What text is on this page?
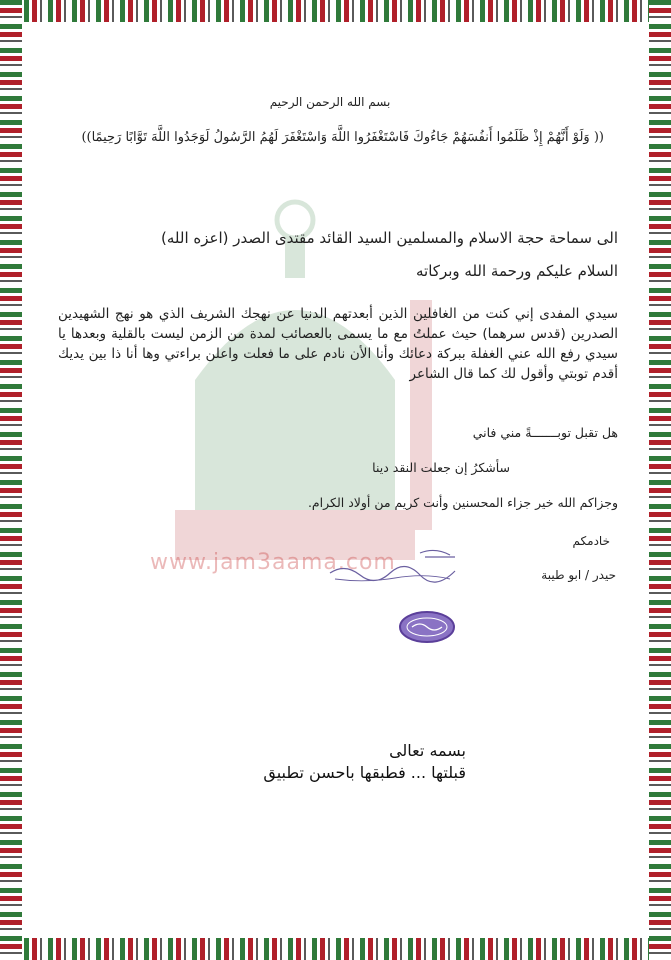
www.jam3aama.com
بسم الله الرحمن الرحيم
(( وَلَوْ أَنَّهُمْ إِذْ ظَلَمُوا أَنفُسَهُمْ جَاءُوكَ فَاسْتَغْفَرُوا اللَّهَ وَاسْتَغْفَرَ لَهُمُ الرَّسُولُ لَوَجَدُوا اللَّهَ تَوَّابًا رَحِيمًا))
الى سماحة حجة الاسلام والمسلمين السيد القائد مقتدى الصدر (اعزه الله)
السلام عليكم ورحمة الله وبركاته
سيدي المفدى إني كنت من الغافلين الذين أبعدتهم الدنيا عن نهجك الشريف الذي هو نهج الشهيدين الصدرين (قدس سرهما) حيث عملتُ مع ما يسمى بالعصائب لمدة من الزمن ليست بالقلية وبعدها يا سيدي رفع الله عني الغفلة ببركة دعائك وأنا الأن نادم على ما فعلت واعلن براءتي وها أنا ذا بين يديك أقدم توبتي وأقول لك كما قال الشاعر
هل تقبل توبـــــــةً مني فاني
سأشكرُ إن جعلت النقد دينا
وجزاكم الله خير جزاء المحسنين وأنت كريم من أولاد الكرام.
خادمكم
حيدر / ابو طيبة
بسمه تعالى
قبلتها ... فطبقها باحسن تطبيق
